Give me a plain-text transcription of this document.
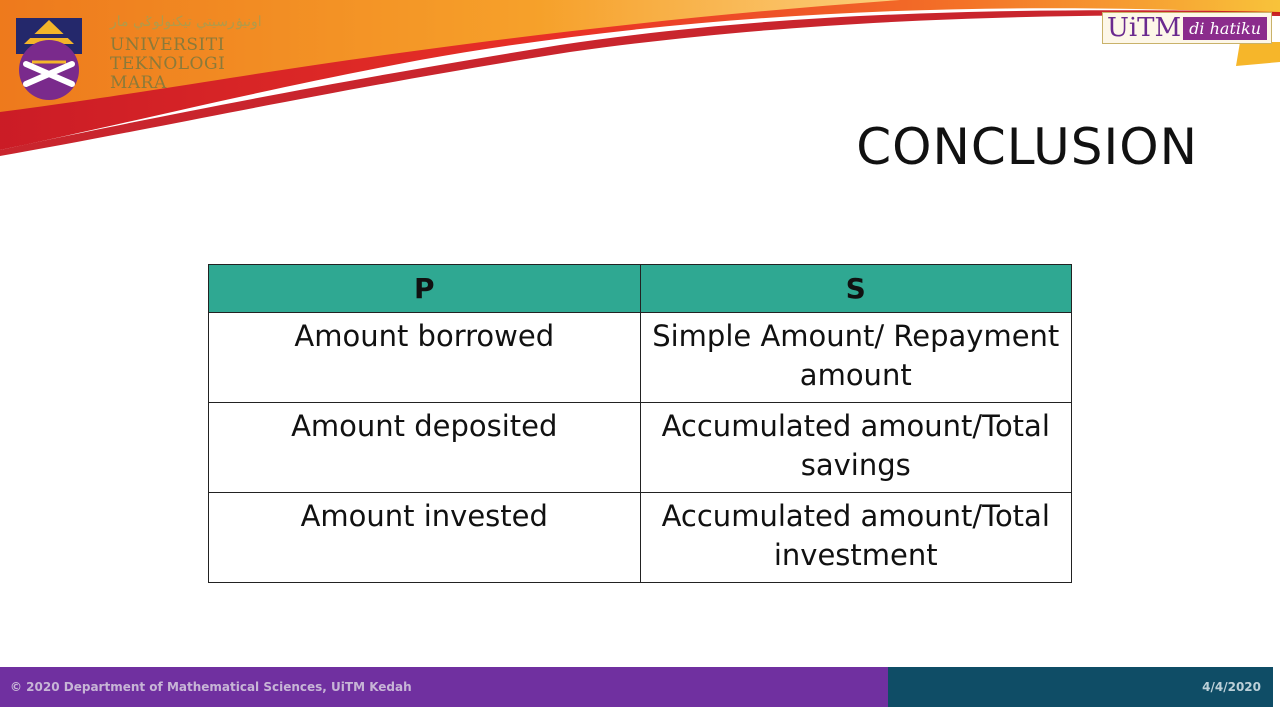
اونيۏرسيتي تيکنولوݢي مار
UNIVERSITI
TEKNOLOGI
MARA
UiTM di hatiku
CONCLUSION
P	S
Amount borrowed	Simple Amount/ Repayment amount
Amount deposited	Accumulated amount/Total savings
Amount invested	Accumulated amount/Total investment
© 2020 Department of Mathematical Sciences, UiTM Kedah	4/4/2020
